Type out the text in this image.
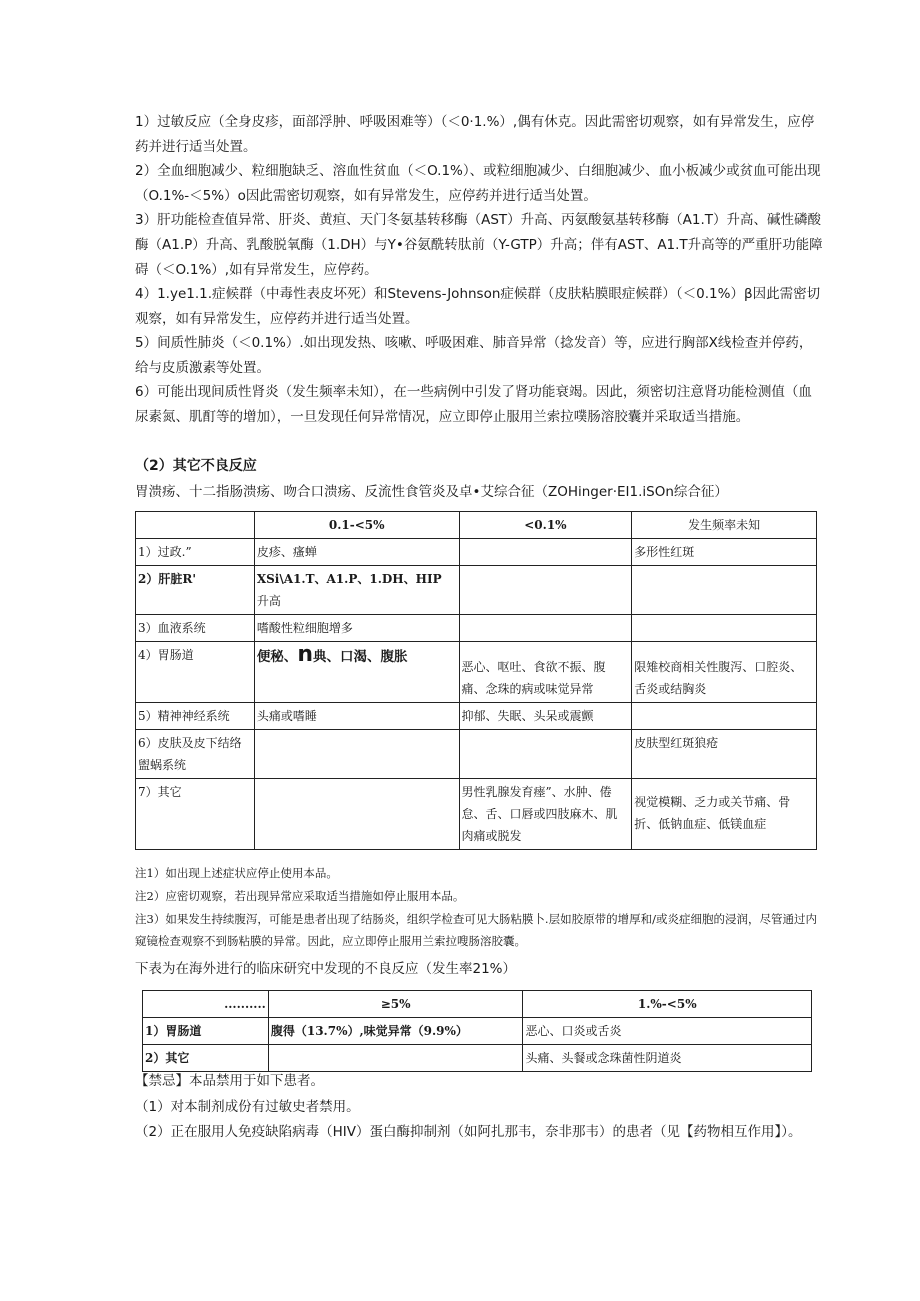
1）过敏反应（全身皮疹，面部浮肿、呼吸困难等）（＜0·1.%）,偶有休克。因此需密切观察，如有异常发生，应停药并进行适当处置。

2）全血细胞减少、粒细胞缺乏、溶血性贫血（＜O.1%）、或粒细胞减少、白细胞减少、血小板减少或贫血可能出现（O.1%-＜5%）o因此需密切观察，如有异常发生，应停药并进行适当处置。

3）肝功能检查值异常、肝炎、黄疸、天门冬氨基转移酶（AST）升高、丙氨酸氨基转移酶（A1.T）升高、碱性磷酸酶（A1.P）升高、乳酸脱氧酶（1.DH）与Y•谷氨酰转肽前（Y-GTP）升高；伴有AST、A1.T升高等的严重肝功能障碍（＜O.1%）,如有异常发生，应停药。

4）1.ye1.1.症候群（中毒性表皮坏死）和Stevens-Johnson症候群（皮肤粘膜眼症候群）（＜0.1%）β因此需密切观察，如有异常发生，应停药并进行适当处置。

5）间质性肺炎（＜0.1%）.如出现发热、咳嗽、呼吸困难、肺音异常（捻发音）等，应进行胸部X线检查并停药，给与皮质激素等处置。

6）可能出现间质性肾炎（发生频率未知），在一些病例中引发了肾功能衰竭。因此，须密切注意肾功能检测值（血尿素氮、肌酊等的增加），一旦发现任何异常情况，应立即停止服用兰索拉噗肠溶胶囊并采取适当措施。

（2）其它不良反应
胃溃疡、十二指肠溃疡、吻合口溃疡、反流性食管炎及卓•艾综合征（ZOHinger·EI1.iSOn综合征）
	0.1-<5%	<0.1%	发生频率未知
1）过政.”	皮疹、瘙蝉		多形性红斑
2）肝脏R'	XSi\A1.T、A1.P、1.DH、HIP
升高		
3）血液系统	嗜酸性粒细胞增多		
4）胃肠道	便秘、n典、口渴、腹胀	恶心、呕吐、食欲不振、腹痛、念珠的病或味觉异常	限雉校商相关性腹泻、口腔炎、舌炎或结胸炎
5）精神神经系统	头痛或嗜睡	抑郁、失眠、头呆或震颤	
6）皮肤及皮下结络盥蜗系统			皮肤型红斑狼疮
7）其它		男性乳腺发育瘗”、水肿、倦怠、舌、口唇或四肢麻木、肌肉痛或脱发	视觉模糊、乏力或关节痛、骨折、低钠血症、低镁血症
注1）如出现上述症状应停止使用本品。
注2）应密切观察，若出现异常应采取适当措施如停止服用本品。
注3）如果发生持续腹泻，可能是患者出现了结肠炎，组织学检查可见大肠粘膜卜.层如胶原带的增厚和/或炎症细胞的浸润，尽管通过内窥镜检查观察不到肠粘膜的异常。因此，应立即停止服用兰索拉嗖肠溶胶囊。
下表为在海外进行的临床研究中发现的不良反应（发生率21%）
..........	≥5%	1.%-<5%
1）胃肠道	腹得（13.7%）,味觉异常（9.9%）	恶心、口炎或舌炎
2）其它		头痛、头餐或念珠菌性阴道炎
【禁忌】本品禁用于如下患者。
（1）对本制剂成份有过敏史者禁用。
（2）正在服用人免疫缺陷病毒（HIV）蛋白酶抑制剂（如阿扎那韦，奈非那韦）的患者（见【药物相互作用】）。
